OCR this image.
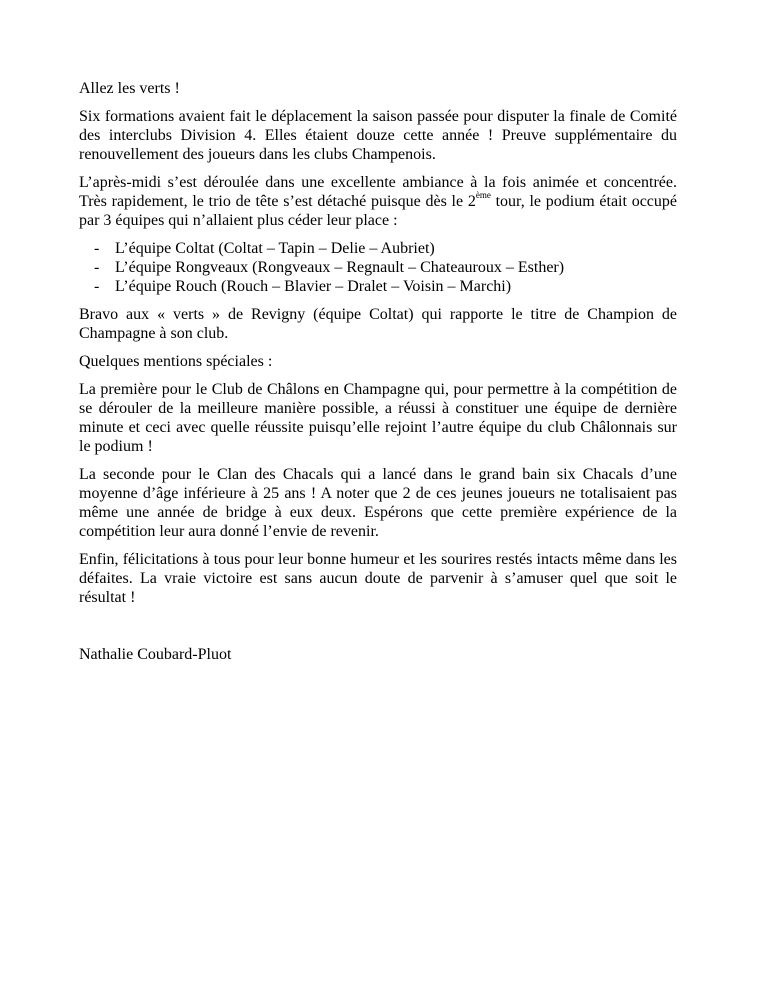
Allez les verts !

Six formations avaient fait le déplacement la saison passée pour disputer la finale de Comité des interclubs Division 4. Elles étaient douze cette année ! Preuve supplémentaire du renouvellement des joueurs dans les clubs Champenois.

L’après-midi s’est déroulée dans une excellente ambiance à la fois animée et concentrée. Très rapidement, le trio de tête s’est détaché puisque dès le 2ème tour, le podium était occupé par 3 équipes qui n’allaient plus céder leur place :

- L’équipe Coltat (Coltat – Tapin – Delie – Aubriet)
- L’équipe Rongveaux (Rongveaux – Regnault – Chateauroux – Esther)
- L’équipe Rouch (Rouch – Blavier – Dralet – Voisin – Marchi)

Bravo aux « verts » de Revigny (équipe Coltat) qui rapporte le titre de Champion de Champagne à son club.

Quelques mentions spéciales :

La première pour le Club de Châlons en Champagne qui, pour permettre à la compétition de se dérouler de la meilleure manière possible, a réussi à constituer une équipe de dernière minute et ceci avec quelle réussite puisqu’elle rejoint l’autre équipe du club Châlonnais sur le podium !

La seconde pour le Clan des Chacals qui a lancé dans le grand bain six Chacals d’une moyenne d’âge inférieure à 25 ans ! A noter que 2 de ces jeunes joueurs ne totalisaient pas même une année de bridge à eux deux. Espérons que cette première expérience de la compétition leur aura donné l’envie de revenir.

Enfin, félicitations à tous pour leur bonne humeur et les sourires restés intacts même dans les défaites. La vraie victoire est sans aucun doute de parvenir à s’amuser quel que soit le résultat !

Nathalie Coubard-Pluot
